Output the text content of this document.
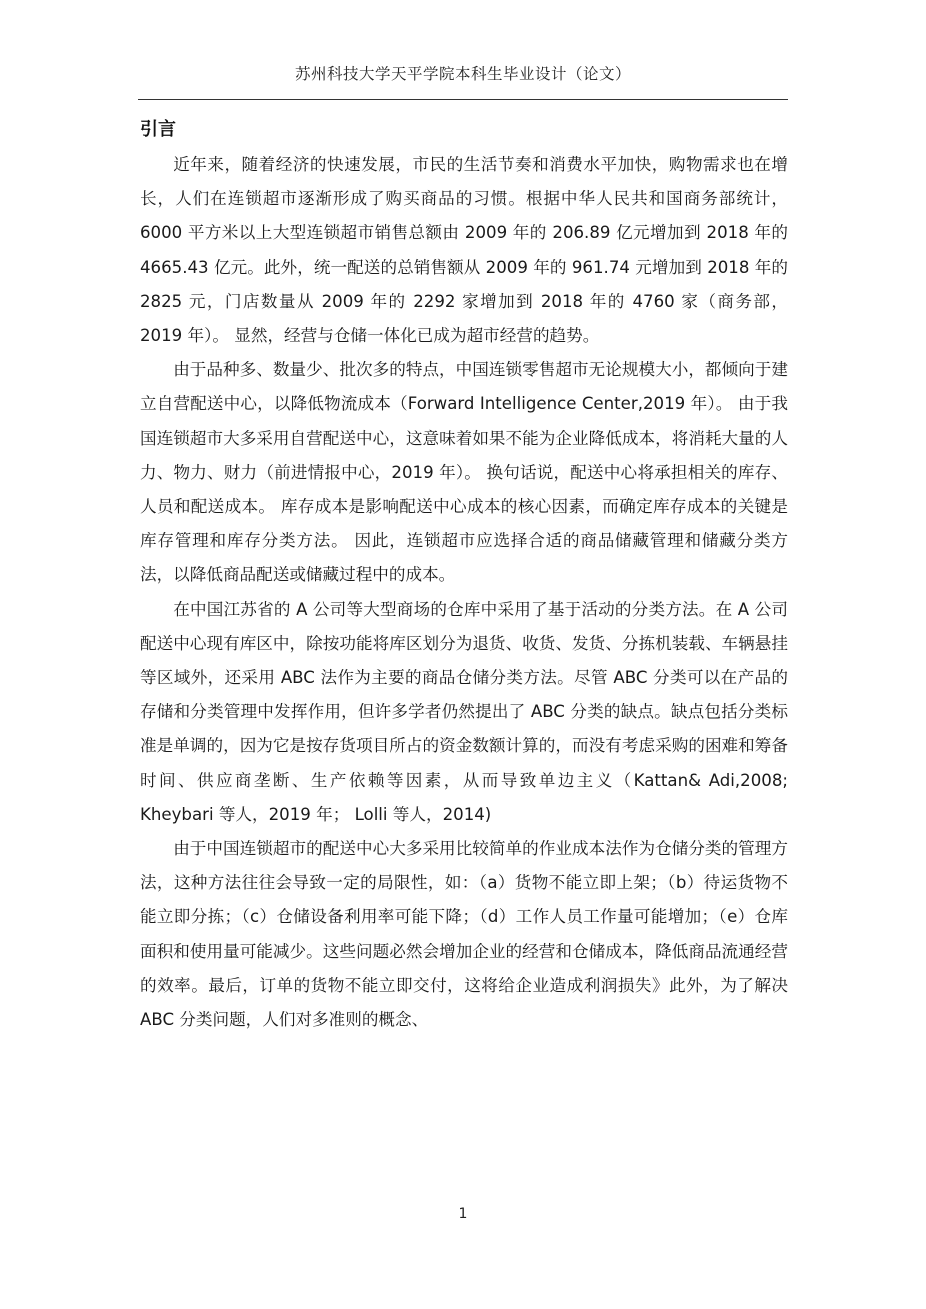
苏州科技大学天平学院本科生毕业设计（论文）
引言

近年来，随着经济的快速发展，市民的生活节奏和消费水平加快，购物需求也在增长，人们在连锁超市逐渐形成了购买商品的习惯。根据中华人民共和国商务部统计，6000 平方米以上大型连锁超市销售总额由 2009 年的 206.89 亿元增加到 2018 年的 4665.43 亿元。此外，统一配送的总销售额从 2009 年的 961.74 元增加到 2018 年的 2825 元，门店数量从 2009 年的 2292 家增加到 2018 年的 4760 家（商务部，2019 年）。 显然，经营与仓储一体化已成为超市经营的趋势。

由于品种多、数量少、批次多的特点，中国连锁零售超市无论规模大小，都倾向于建立自营配送中心，以降低物流成本（Forward Intelligence Center,2019 年）。 由于我国连锁超市大多采用自营配送中心，这意味着如果不能为企业降低成本，将消耗大量的人力、物力、财力（前进情报中心，2019 年）。 换句话说，配送中心将承担相关的库存、人员和配送成本。 库存成本是影响配送中心成本的核心因素，而确定库存成本的关键是库存管理和库存分类方法。 因此，连锁超市应选择合适的商品储藏管理和储藏分类方法，以降低商品配送或储藏过程中的成本。

在中国江苏省的 A 公司等大型商场的仓库中采用了基于活动的分类方法。在 A 公司配送中心现有库区中，除按功能将库区划分为退货、收货、发货、分拣机装载、车辆悬挂等区域外，还采用 ABC 法作为主要的商品仓储分类方法。尽管 ABC 分类可以在产品的存储和分类管理中发挥作用，但许多学者仍然提出了 ABC 分类的缺点。缺点包括分类标准是单调的，因为它是按存货项目所占的资金数额计算的，而没有考虑采购的困难和筹备时间、供应商垄断、生产依赖等因素，从而导致单边主义（Kattan& Adi,2008; Kheybari 等人，2019 年； Lolli 等人，2014)

由于中国连锁超市的配送中心大多采用比较简单的作业成本法作为仓储分类的管理方法，这种方法往往会导致一定的局限性，如：（a）货物不能立即上架；（b）待运货物不能立即分拣；（c）仓储设备利用率可能下降；（d）工作人员工作量可能增加；（e）仓库面积和使用量可能减少。这些问题必然会增加企业的经营和仓储成本，降低商品流通经营的效率。最后，订单的货物不能立即交付，这将给企业造成利润损失》此外，为了解决 ABC 分类问题，人们对多准则的概念、

1
